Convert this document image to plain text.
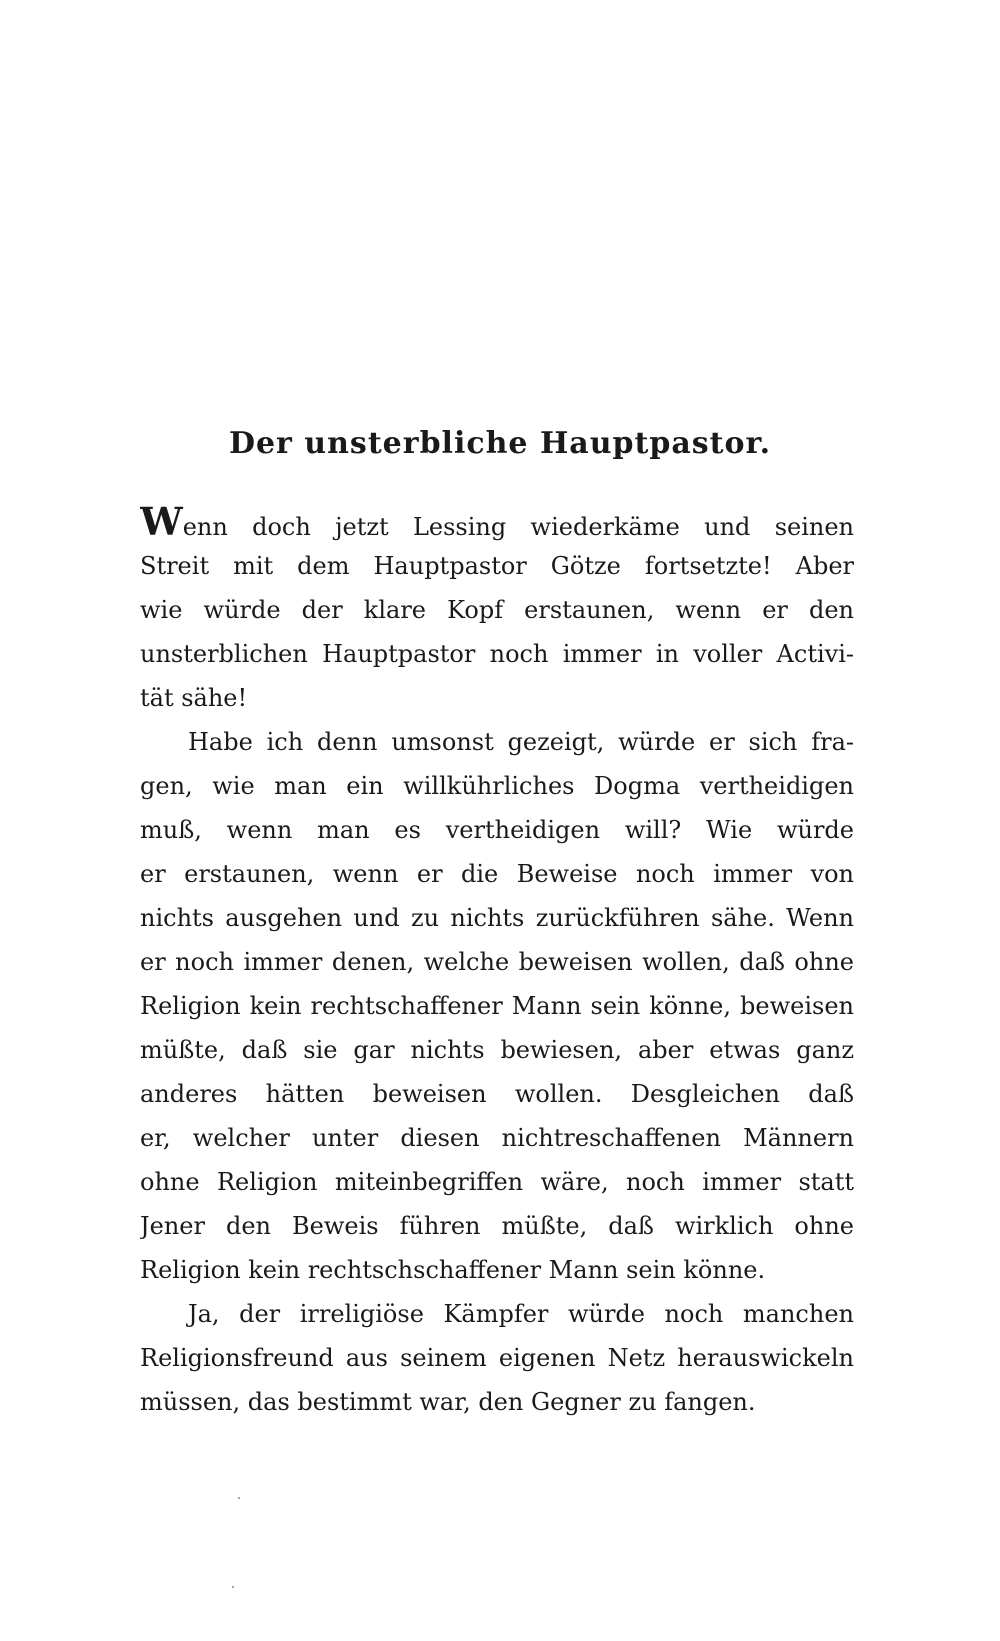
Der unsterbliche Hauptpastor.
Wenn doch jetzt Lessing wiederkäme und seinen
Streit mit dem Hauptpastor Götze fortsetzte! Aber
wie würde der klare Kopf erstaunen, wenn er den
unsterblichen Hauptpastor noch immer in voller Activi-
tät sähe!
Habe ich denn umsonst gezeigt, würde er sich fra-
gen, wie man ein willkührliches Dogma vertheidigen
muß, wenn man es vertheidigen will? Wie würde
er erstaunen, wenn er die Beweise noch immer von
nichts ausgehen und zu nichts zurückführen sähe. Wenn
er noch immer denen, welche beweisen wollen, daß ohne
Religion kein rechtschaffener Mann sein könne, beweisen
müßte, daß sie gar nichts bewiesen, aber etwas ganz
anderes hätten beweisen wollen. Desgleichen daß
er, welcher unter diesen nichtreschaffenen Männern
ohne Religion miteinbegriffen wäre, noch immer statt
Jener den Beweis führen müßte, daß wirklich ohne
Religion kein rechtschschaffener Mann sein könne.
Ja, der irreligiöse Kämpfer würde noch manchen
Religionsfreund aus seinem eigenen Netz herauswickeln
müssen, das bestimmt war, den Gegner zu fangen.
